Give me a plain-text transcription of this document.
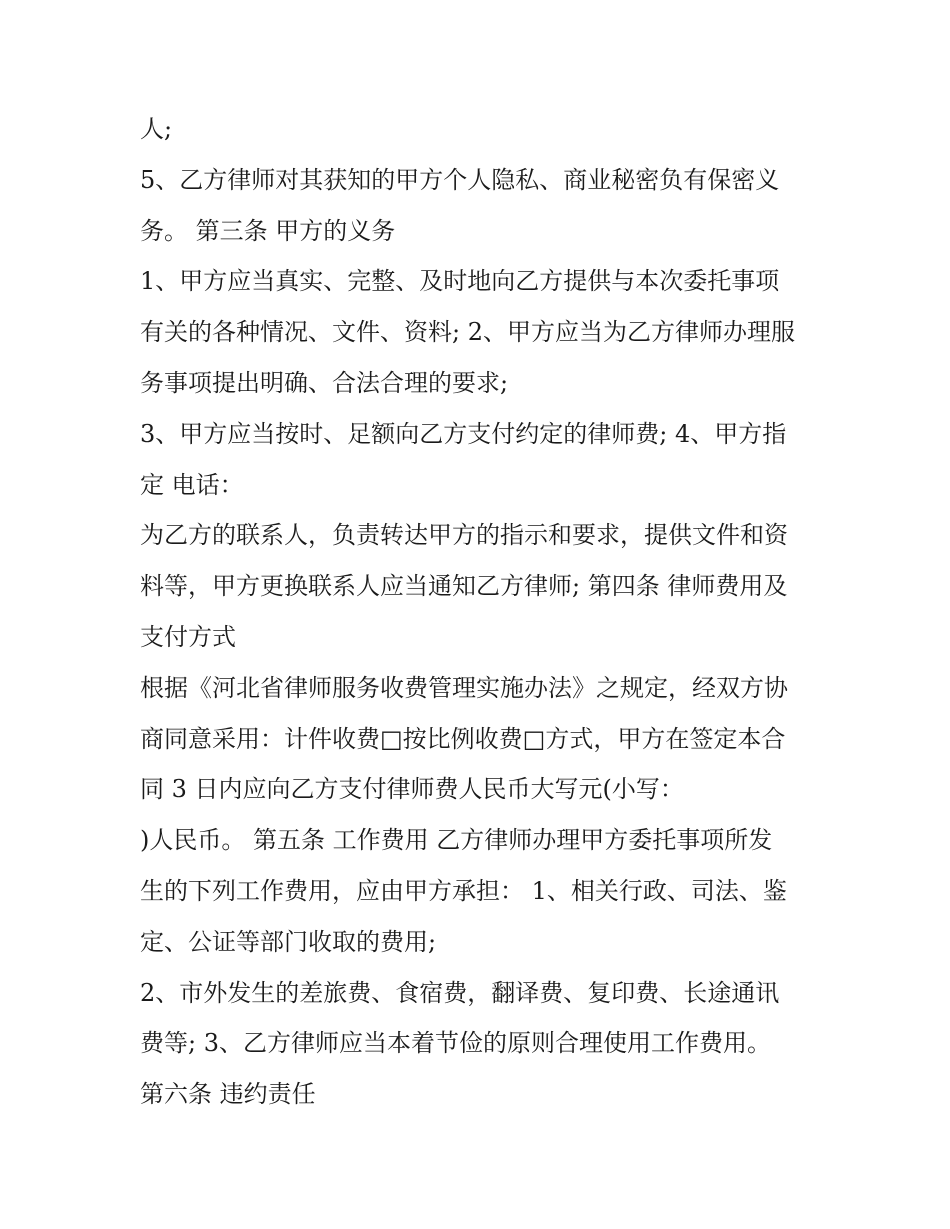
人;
5、乙方律师对其获知的甲方个人隐私、商业秘密负有保密义
务。 第三条 甲方的义务
1、甲方应当真实、完整、及时地向乙方提供与本次委托事项
有关的各种情况、文件、资料; 2、甲方应当为乙方律师办理服
务事项提出明确、合法合理的要求;
3、甲方应当按时、足额向乙方支付约定的律师费; 4、甲方指
定 电话：
为乙方的联系人，负责转达甲方的指示和要求，提供文件和资
料等，甲方更换联系人应当通知乙方律师; 第四条 律师费用及
支付方式
根据《河北省律师服务收费管理实施办法》之规定，经双方协
商同意采用：计件收费□按比例收费□方式，甲方在签定本合
同 3 日内应向乙方支付律师费人民币大写元(小写：
)人民币。 第五条 工作费用 乙方律师办理甲方委托事项所发
生的下列工作费用，应由甲方承担： 1、相关行政、司法、鉴
定、公证等部门收取的费用;
2、市外发生的差旅费、食宿费，翻译费、复印费、长途通讯
费等; 3、乙方律师应当本着节俭的原则合理使用工作费用。
第六条 违约责任
